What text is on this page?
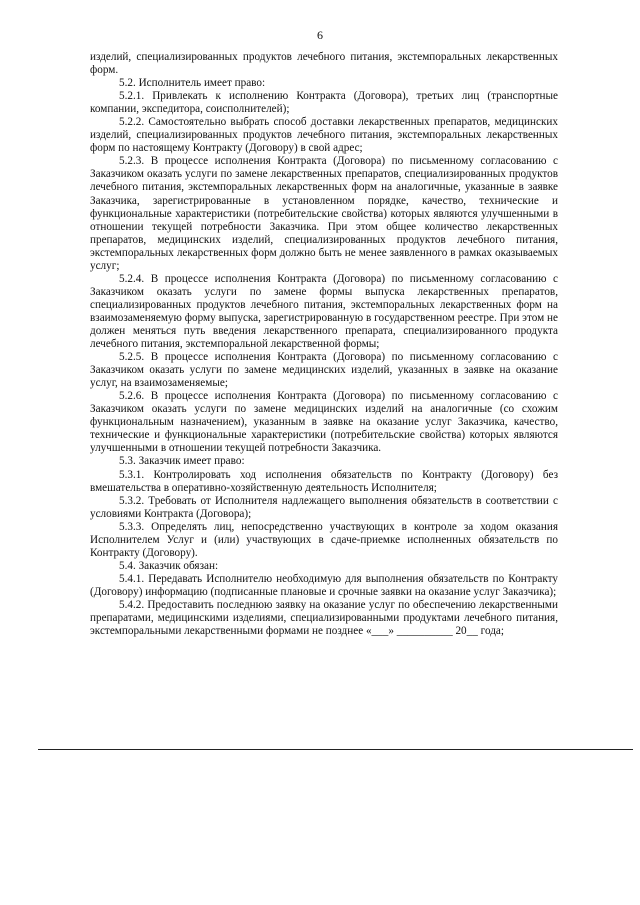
6

изделий, специализированных продуктов лечебного питания, экстемпоральных лекарственных форм.

5.2. Исполнитель имеет право:

5.2.1. Привлекать к исполнению Контракта (Договора), третьих лиц (транспортные компании, экспедитора, соисполнителей);

5.2.2. Самостоятельно выбрать способ доставки лекарственных препаратов, медицинских изделий, специализированных продуктов лечебного питания, экстемпоральных лекарственных форм по настоящему Контракту (Договору) в свой адрес;

5.2.3. В процессе исполнения Контракта (Договора) по письменному согласованию с Заказчиком оказать услуги по замене лекарственных препаратов, специализированных продуктов лечебного питания, экстемпоральных лекарственных форм на аналогичные, указанные в заявке Заказчика, зарегистрированные в установленном порядке, качество, технические и функциональные характеристики (потребительские свойства) которых являются улучшенными в отношении текущей потребности Заказчика. При этом общее количество лекарственных препаратов, медицинских изделий, специализированных продуктов лечебного питания, экстемпоральных лекарственных форм должно быть не менее заявленного в рамках оказываемых услуг;

5.2.4. В процессе исполнения Контракта (Договора) по письменному согласованию с Заказчиком оказать услуги по замене формы выпуска лекарственных препаратов, специализированных продуктов лечебного питания, экстемпоральных лекарственных форм на взаимозаменяемую форму выпуска, зарегистрированную в государственном реестре. При этом не должен меняться путь введения лекарственного препарата, специализированного продукта лечебного питания, экстемпоральной лекарственной формы;

5.2.5. В процессе исполнения Контракта (Договора) по письменному согласованию с Заказчиком оказать услуги по замене медицинских изделий, указанных в заявке на оказание услуг, на взаимозаменяемые;

5.2.6. В процессе исполнения Контракта (Договора) по письменному согласованию с Заказчиком оказать услуги по замене медицинских изделий на аналогичные (со схожим функциональным назначением), указанным в заявке на оказание услуг Заказчика, качество, технические и функциональные характеристики (потребительские свойства) которых являются улучшенными в отношении текущей потребности Заказчика.

5.3. Заказчик имеет право:

5.3.1. Контролировать ход исполнения обязательств по Контракту (Договору) без вмешательства в оперативно-хозяйственную деятельность Исполнителя;

5.3.2. Требовать от Исполнителя надлежащего выполнения обязательств в соответствии с условиями Контракта (Договора);

5.3.3. Определять лиц, непосредственно участвующих в контроле за ходом оказания Исполнителем Услуг и (или) участвующих в сдаче-приемке исполненных обязательств по Контракту (Договору).

5.4. Заказчик обязан:

5.4.1. Передавать Исполнителю необходимую для выполнения обязательств по Контракту (Договору) информацию (подписанные плановые и срочные заявки на оказание услуг Заказчика);

5.4.2. Предоставить последнюю заявку на оказание услуг по обеспечению лекарственными препаратами, медицинскими изделиями, специализированными продуктами лечебного питания, экстемпоральными лекарственными формами не позднее «___» __________ 20__ года;
